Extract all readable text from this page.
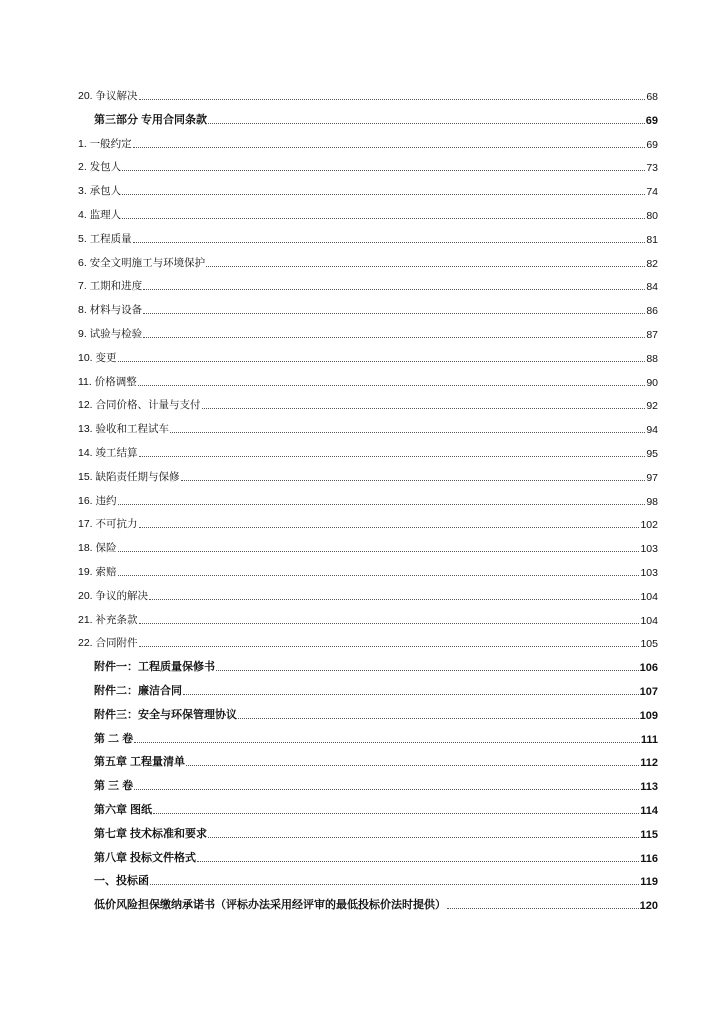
20. 争议解决	68
第三部分 专用合同条款	69
1. 一般约定	69
2. 发包人	73
3. 承包人	74
4. 监理人	80
5. 工程质量	81
6. 安全文明施工与环境保护	82
7. 工期和进度	84
8. 材料与设备	86
9. 试验与检验	87
10. 变更	88
11. 价格调整	90
12. 合同价格、计量与支付	92
13. 验收和工程试车	94
14. 竣工结算	95
15. 缺陷责任期与保修	97
16. 违约	98
17. 不可抗力	102
18. 保险	103
19. 索赔	103
20. 争议的解决	104
21. 补充条款	104
22. 合同附件	105
附件一：工程质量保修书	106
附件二：廉洁合同	107
附件三：安全与环保管理协议	109
第 二 卷	111
第五章 工程量清单	112
第 三 卷	113
第六章 图纸	114
第七章 技术标准和要求	115
第八章 投标文件格式	116
一、投标函	119
低价风险担保缴纳承诺书（评标办法采用经评审的最低投标价法时提供）	120
